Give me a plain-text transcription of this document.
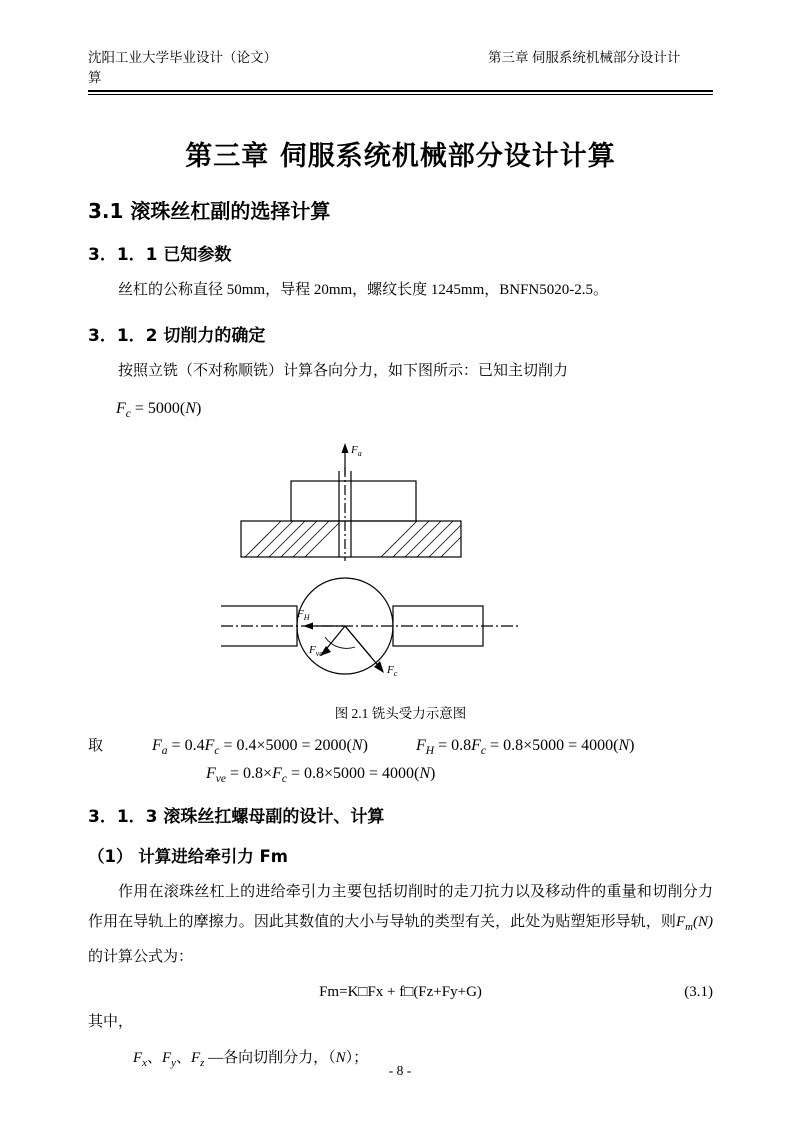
沈阳工业大学毕业设计（论文）	第三章 伺服系统机械部分设计计
算
第三章 伺服系统机械部分设计计算
3.1 滚珠丝杠副的选择计算
3．1．1 已知参数

丝杠的公称直径 50mm，导程 20mm，螺纹长度 1245mm，BNFN5020-2.5。

3．1．2 切削力的确定

按照立铣（不对称顺铣）计算各向分力，如下图所示：已知主切削力

$F_c = 5000(N)$
$F_a$
$F_H$
$F_{ve}$
$F_c$
图 2.1 铣头受力示意图
取	$F_a = 0.4F_c = 0.4\times 5000 = 2000(N)$	$F_H = 0.8F_c = 0.8\times 5000 = 4000(N)$
$F_{ve} = 0.8\times F_c = 0.8\times 5000 = 4000(N)$
3．1．3 滚珠丝扛螺母副的设计、计算
（1） 计算进给牵引力 Fm

作用在滚珠丝杠上的进给牵引力主要包括切削时的走刀抗力以及移动件的重量和切削分力作用在导轨上的摩擦力。因此其数值的大小与导轨的类型有关，此处为贴塑矩形导轨，则$F_m(N)$的计算公式为：

Fm=K□Fx + f□(Fz+Fy+G)	(3.1)

其中，

$F_x$、$F_y$、$F_z$ —各向切削分力，（N）；

- 8 -
